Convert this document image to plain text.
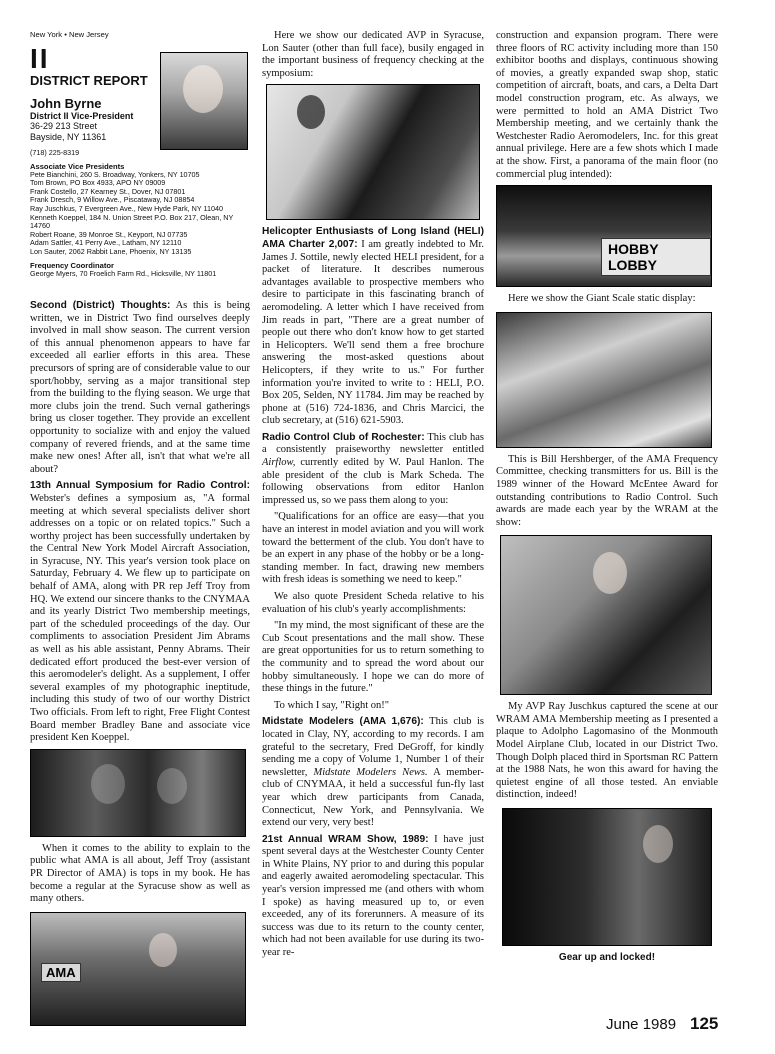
New York • New Jersey

II

DISTRICT REPORT

John Byrne

District II Vice-President

36-29 213 Street

Bayside, NY 11361

(718) 225-8319

Associate Vice Presidents

Pete Bianchini, 260 S. Broadway, Yonkers, NY 10705

Tom Brown, PO Box 4933, APO NY 09009

Frank Costello, 27 Kearney St., Dover, NJ 07801

Frank Dresch, 9 Willow Ave., Piscataway, NJ 08854

Ray Juschkus, 7 Evergreen Ave., New Hyde Park, NY 11040

Kenneth Koeppel, 184 N. Union Street P.O. Box 217, Olean, NY 14760

Robert Roane, 39 Monroe St., Keyport, NJ 07735

Adam Sattler, 41 Perry Ave., Latham, NY 12110

Lon Sauter, 2062 Rabbit Lane, Phoenix, NY 13135

Frequency Coordinator

George Myers, 70 Froelich Farm Rd., Hicksville, NY 11801

Second (District) Thoughts: As this is being written, we in District Two find ourselves deeply involved in mall show season. The current version of this annual phenomenon appears to have far exceeded all earlier efforts in this area. These precursors of spring are of considerable value to our sport/hobby, serving as a major transitional step from the building to the flying season. We urge that more clubs join the trend. Such vernal gatherings bring us closer together. They provide an excellent opportunity to socialize with and enjoy the valued company of revered friends, and at the same time make new ones! After all, isn't that what we're all about?

13th Annual Symposium for Radio Control: Webster's defines a symposium as, "A formal meeting at which several specialists deliver short addresses on a topic or on related topics." Such a worthy project has been successfully undertaken by the Central New York Model Aircraft Association, in Syracuse, NY. This year's version took place on Saturday, February 4. We flew up to participate on behalf of AMA, along with PR rep Jeff Troy from HQ. We extend our sincere thanks to the CNYMAA and its yearly District Two membership meetings, part of the scheduled proceedings of the day. Our compliments to association President Jim Abrams as well as his able assistant, Penny Abrams. Their dedicated effort produced the best-ever version of this aeromodeler's delight. As a supplement, I offer several examples of my photographic ineptitude, including this study of two of our worthy District Two officials. From left to right, Free Flight Contest Board member Bradley Bane and associate vice president Ken Koeppel.

When it comes to the ability to explain to the public what AMA is all about, Jeff Troy (assistant PR Director of AMA) is tops in my book. He has become a regular at the Syracuse show as well as many others.

AMA

Here we show our dedicated AVP in Syracuse, Lon Sauter (other than full face), busily engaged in the important business of frequency checking at the symposium:

Helicopter Enthusiasts of Long Island (HELI) AMA Charter 2,007: I am greatly indebted to Mr. James J. Sottile, newly elected HELI president, for a packet of literature. It describes numerous advantages available to prospective members who desire to participate in this fascinating branch of aeromodeling. A letter which I have received from Jim reads in part, "There are a great number of people out there who don't know how to get started in Helicopters. We'll send them a free brochure answering the most-asked questions about Helicopters, if they write to us." For further information you're invited to write to : HELI, P.O. Box 205, Selden, NY 11784. Jim may be reached by phone at (516) 724-1836, and Chris Marcici, the club secretary, at (516) 621-5903.

Radio Control Club of Rochester: This club has a consistently praiseworthy newsletter entitled Airflow, currently edited by W. Paul Hanlon. The able president of the club is Mark Scheda. The following observations from editor Hanlon impressed us, so we pass them along to you:

"Qualifications for an office are easy—that you have an interest in model aviation and you will work toward the betterment of the club. You don't have to be an expert in any phase of the hobby or be a long-standing member. In fact, drawing new members with fresh ideas is something we need to keep."

We also quote President Scheda relative to his evaluation of his club's yearly accomplishments:

"In my mind, the most significant of these are the Cub Scout presentations and the mall show. These are great opportunities for us to return something to the community and to spread the word about our hobby simultaneously. I hope we can do more of these things in the future."

To which I say, "Right on!"

Midstate Modelers (AMA 1,676): This club is located in Clay, NY, according to my records. I am grateful to the secretary, Fred DeGroff, for kindly sending me a copy of Volume 1, Number 1 of their newsletter, Midstate Modelers News. A member-club of CNYMAA, it held a successful fun-fly last year which drew participants from Canada, Connecticut, New York, and Pennsylvania. We extend our very, very best!

21st Annual WRAM Show, 1989: I have just spent several days at the Westchester County Center in White Plains, NY prior to and during this popular and eagerly awaited aeromodeling spectacular. This year's version impressed me (and others with whom I spoke) as having measured up to, or even exceeded, any of its forerunners. A measure of its success was due to its return to the county center, which had not been available for use during its two-year re-

construction and expansion program. There were three floors of RC activity including more than 150 exhibitor booths and displays, continuous showing of movies, a greatly expanded swap shop, static competition of aircraft, boats, and cars, a Delta Dart model construction program, etc. As always, we were permitted to hold an AMA District Two Membership meeting, and we certainly thank the Westchester Radio Aeromodelers, Inc. for this great annual privilege. Here are a few shots which I made at the show. First, a panorama of the main floor (no commercial plug intended):

HOBBY LOBBY

Here we show the Giant Scale static display:

This is Bill Hershberger, of the AMA Frequency Committee, checking transmitters for us. Bill is the 1989 winner of the Howard McEntee Award for outstanding contributions to Radio Control. Such awards are made each year by the WRAM at the show:

My AVP Ray Juschkus captured the scene at our WRAM AMA Membership meeting as I presented a plaque to Adolpho Lagomasino of the Monmouth Model Airplane Club, located in our District Two. Though Dolph placed third in Sportsman RC Pattern at the 1988 Nats, he won this award for having the quietest engine of all those tested. An enviable distinction, indeed!

Gear up and locked!

June 1989 125
